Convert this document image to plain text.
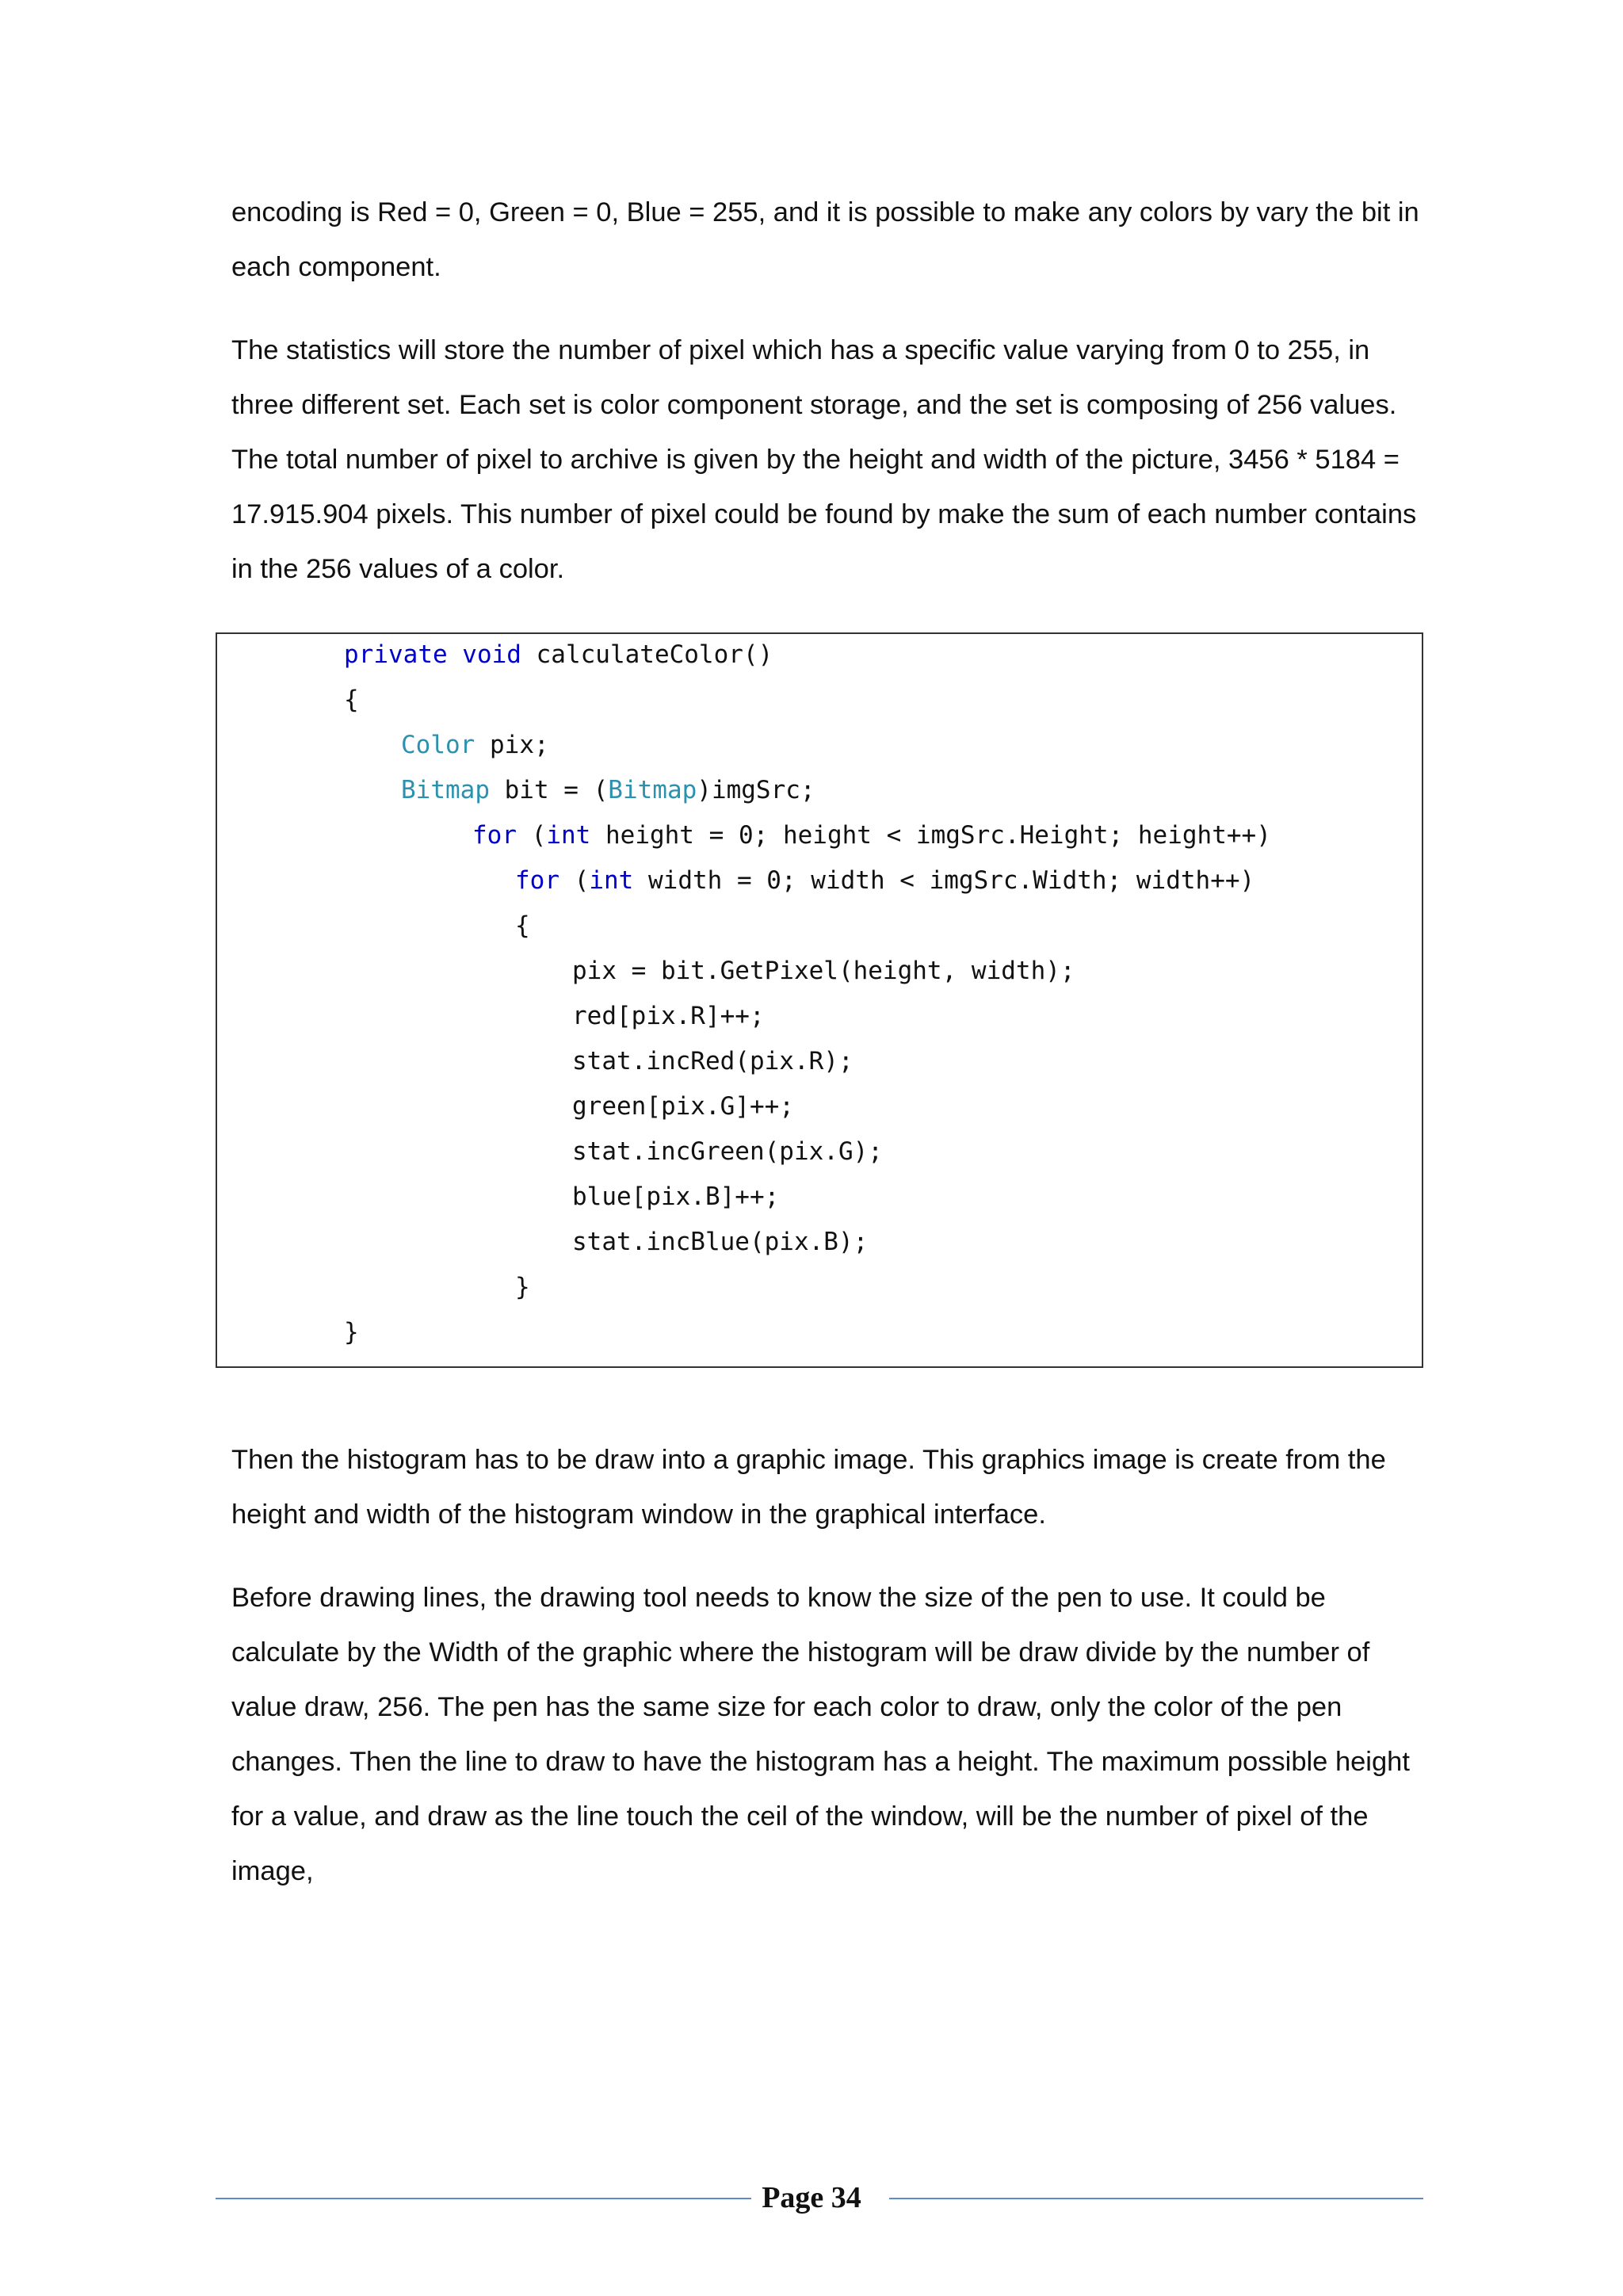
encoding is Red = 0, Green = 0, Blue = 255, and it is possible to make any colors by vary the bit in each component.

The statistics will store the number of pixel which has a specific value varying from 0 to 255, in three different set. Each set is color component storage, and the set is composing of 256 values. The total number of pixel to archive is given by the height and width of the picture, 3456 * 5184 = 17.915.904 pixels. This number of pixel could be found by make the sum of each number contains in the 256 values of a color.

private void calculateColor()
{
Color pix;
Bitmap bit = (Bitmap)imgSrc;
for (int height = 0; height < imgSrc.Height; height++)
for (int width = 0; width < imgSrc.Width; width++)
{
pix = bit.GetPixel(height, width);
red[pix.R]++;
stat.incRed(pix.R);
green[pix.G]++;
stat.incGreen(pix.G);
blue[pix.B]++;
stat.incBlue(pix.B);
}
}

Then the histogram has to be draw into a graphic image. This graphics image is create from the height and width of the histogram window in the graphical interface.

Before drawing lines, the drawing tool needs to know the size of the pen to use. It could be calculate by the Width of the graphic where the histogram will be draw divide by the number of value draw, 256. The pen has the same size for each color to draw, only the color of the pen changes. Then the line to draw to have the histogram has a height. The maximum possible height for a value, and draw as the line touch the ceil of the window, will be the number of pixel of the image,

Page 34
